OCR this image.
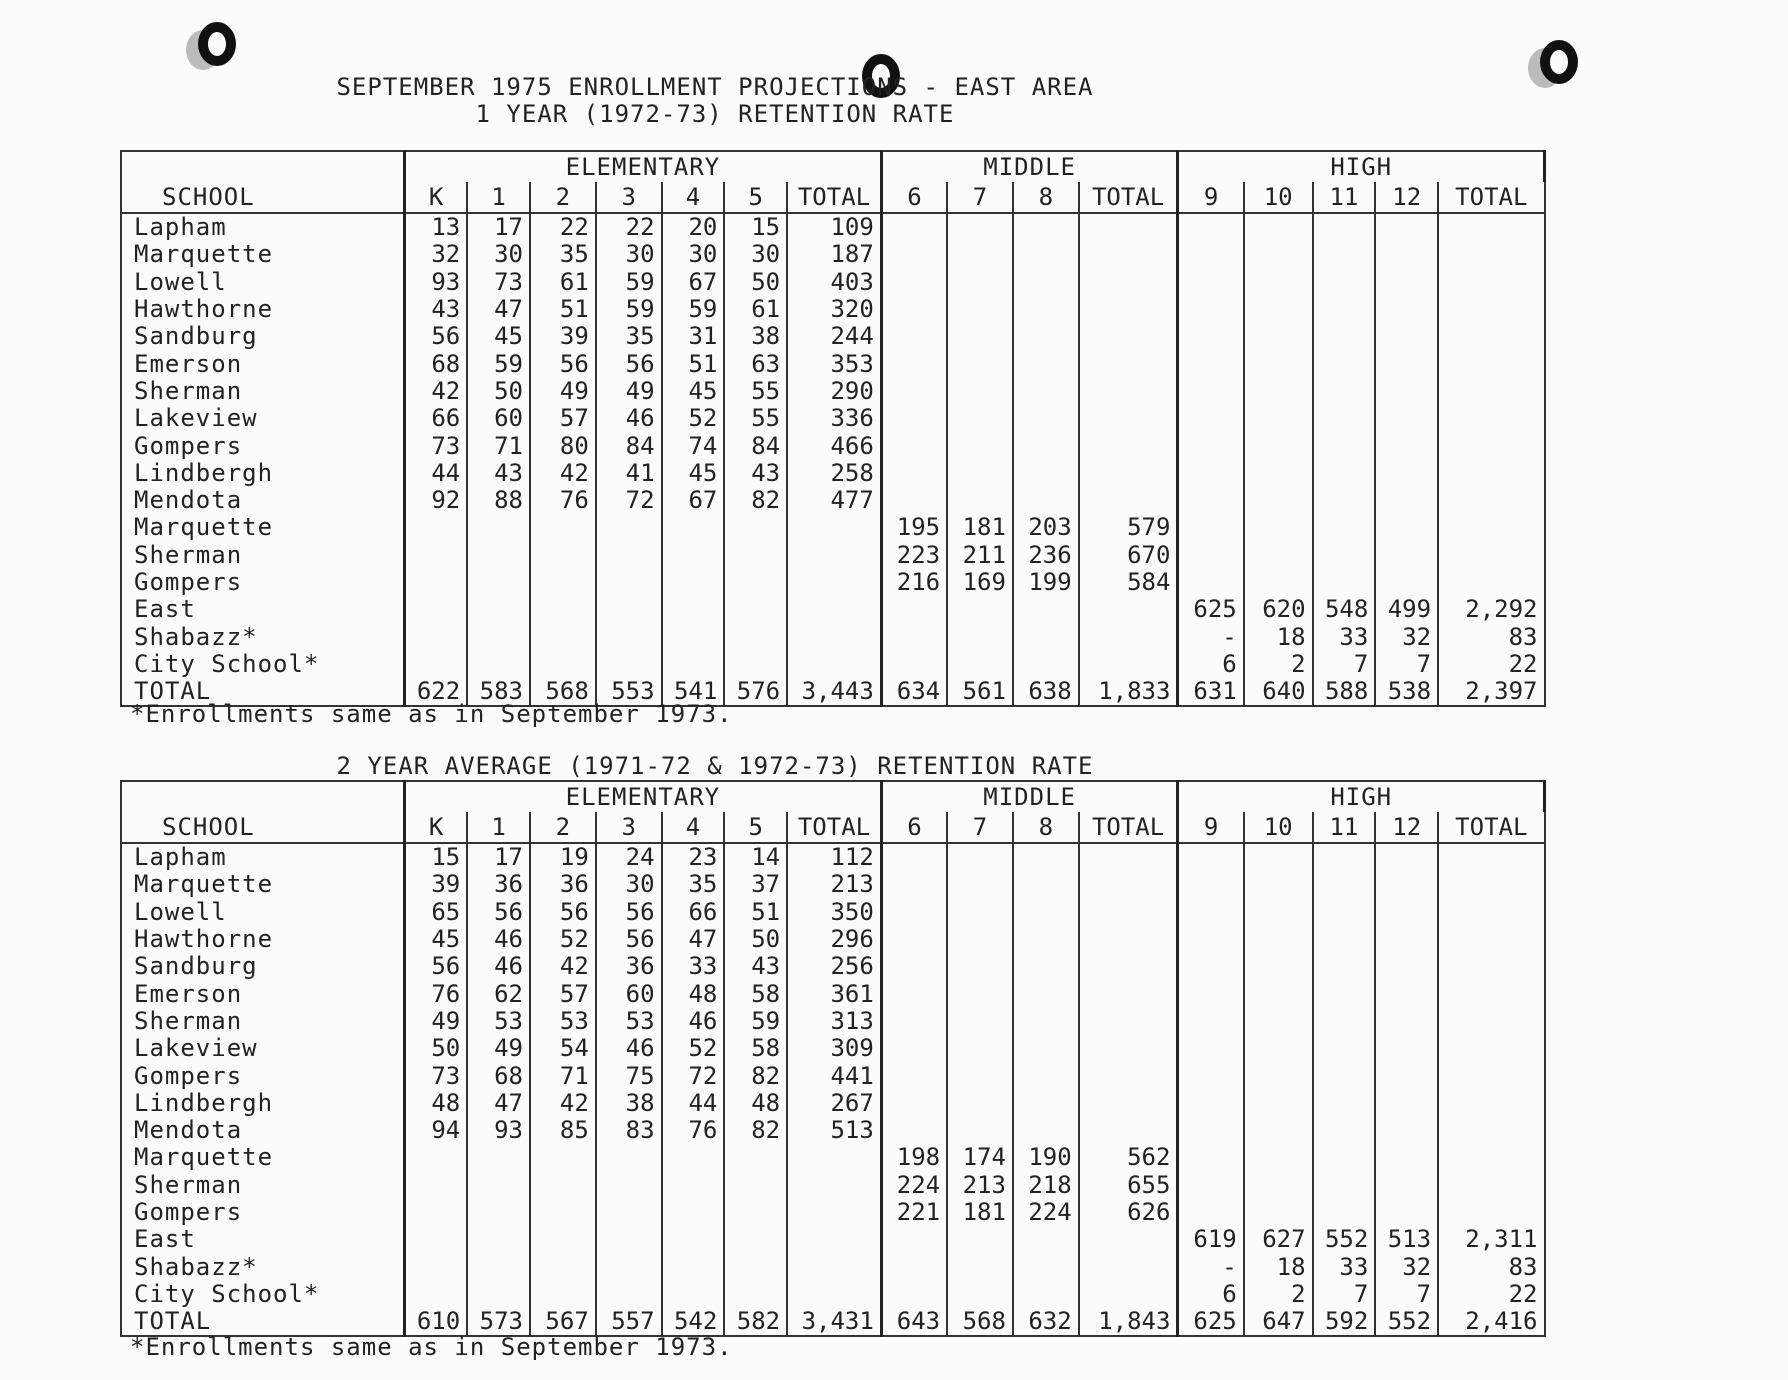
SEPTEMBER 1975 ENROLLMENT PROJECTIONS - EAST AREA
1 YEAR (1972-73) RETENTION RATE
	ELEMENTARY							MIDDLE				HIGH				
SCHOOL	K	1	2	3	4	5	TOTAL	6	7	8	TOTAL	9	10	11	12	TOTAL
Lapham	13	17	22	22	20	15	109									
Marquette	32	30	35	30	30	30	187									
Lowell	93	73	61	59	67	50	403									
Hawthorne	43	47	51	59	59	61	320									
Sandburg	56	45	39	35	31	38	244									
Emerson	68	59	56	56	51	63	353									
Sherman	42	50	49	49	45	55	290									
Lakeview	66	60	57	46	52	55	336									
Gompers	73	71	80	84	74	84	466									
Lindbergh	44	43	42	41	45	43	258									
Mendota	92	88	76	72	67	82	477									
Marquette								195	181	203	579					
Sherman								223	211	236	670					
Gompers								216	169	199	584					
East												625	620	548	499	2,292
Shabazz*												-	18	33	32	83
City School*												6	2	7	7	22
TOTAL	622	583	568	553	541	576	3,443	634	561	638	1,833	631	640	588	538	2,397
*Enrollments same as in September 1973.
2 YEAR AVERAGE (1971-72 & 1972-73) RETENTION RATE
	ELEMENTARY							MIDDLE				HIGH				
SCHOOL	K	1	2	3	4	5	TOTAL	6	7	8	TOTAL	9	10	11	12	TOTAL
Lapham	15	17	19	24	23	14	112									
Marquette	39	36	36	30	35	37	213									
Lowell	65	56	56	56	66	51	350									
Hawthorne	45	46	52	56	47	50	296									
Sandburg	56	46	42	36	33	43	256									
Emerson	76	62	57	60	48	58	361									
Sherman	49	53	53	53	46	59	313									
Lakeview	50	49	54	46	52	58	309									
Gompers	73	68	71	75	72	82	441									
Lindbergh	48	47	42	38	44	48	267									
Mendota	94	93	85	83	76	82	513									
Marquette								198	174	190	562					
Sherman								224	213	218	655					
Gompers								221	181	224	626					
East												619	627	552	513	2,311
Shabazz*												-	18	33	32	83
City School*												6	2	7	7	22
TOTAL	610	573	567	557	542	582	3,431	643	568	632	1,843	625	647	592	552	2,416
*Enrollments same as in September 1973.
